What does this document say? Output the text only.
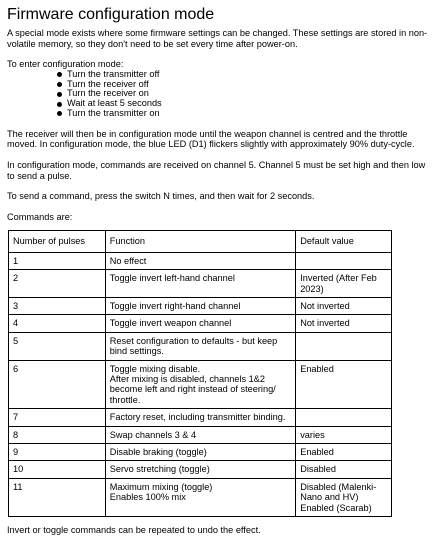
Firmware configuration mode

A special mode exists where some firmware settings can be changed. These settings are stored in non-volatile memory, so they don't need to be set every time after power-on.

To enter configuration mode:

Turn the transmitter off
Turn the receiver off
Turn the receiver on
Wait at least 5 seconds
Turn the transmitter on

The receiver will then be in configuration mode until the weapon channel is centred and the throttle moved. In configuration mode, the blue LED (D1) flickers slightly with approximately 90% duty-cycle.

In configuration mode, commands are received on channel 5. Channel 5 must be set high and then low to send a pulse.

To send a command, press the switch N times, and then wait for 2 seconds.

Commands are:

Number of pulses	Function	Default value
1	No effect	
2	Toggle invert left-hand channel	Inverted (After Feb 2023)
3	Toggle invert right-hand channel	Not inverted
4	Toggle invert weapon channel	Not inverted
5	Reset configuration to defaults - but keep bind settings.	
6	Toggle mixing disable.
After mixing is disabled, channels 1&2 become left and right instead of steering/ throttle.	Enabled
7	Factory reset, including transmitter binding.	
8	Swap channels 3 & 4	varies
9	Disable braking (toggle)	Enabled
10	Servo stretching (toggle)	Disabled
11	Maximum mixing (toggle)
Enables 100% mix	Disabled (Malenki-Nano and HV)
Enabled (Scarab)

Invert or toggle commands can be repeated to undo the effect.
